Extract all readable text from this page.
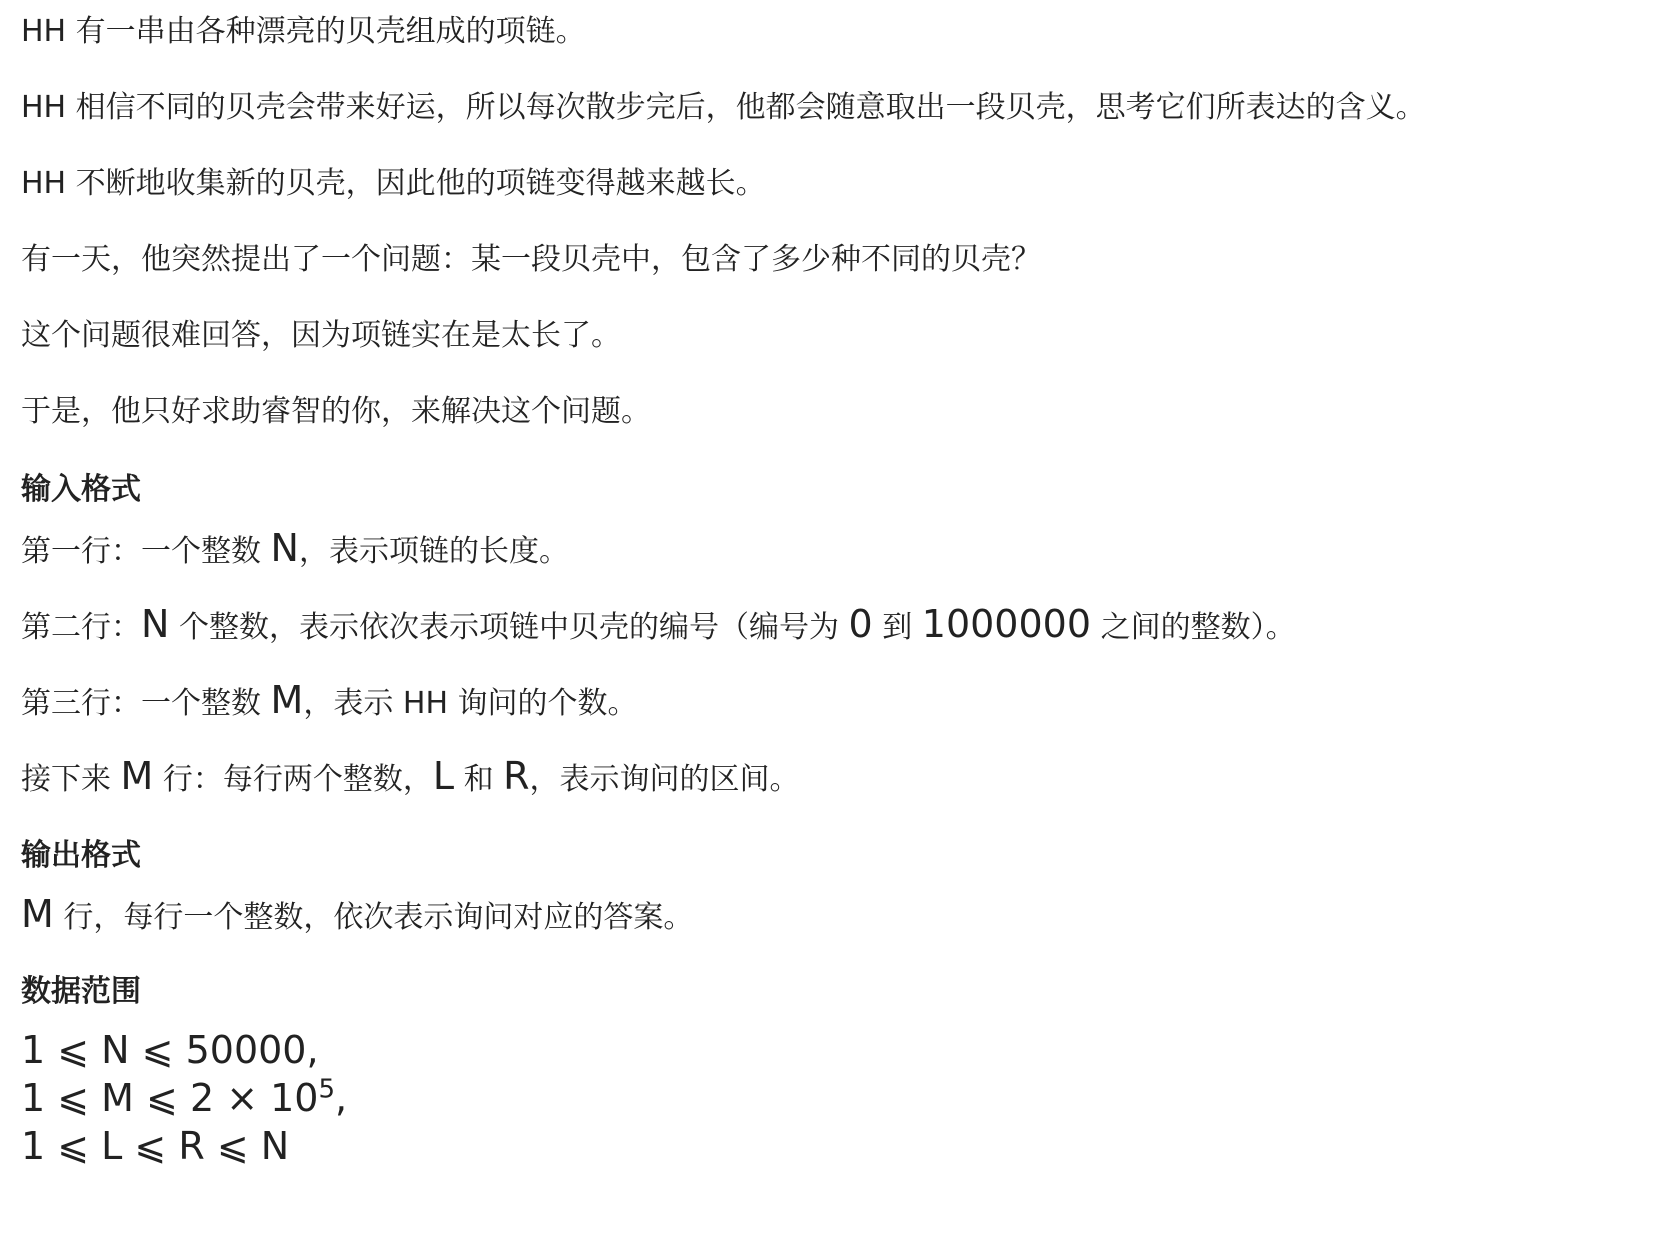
HH 有一串由各种漂亮的贝壳组成的项链。
HH 相信不同的贝壳会带来好运，所以每次散步完后，他都会随意取出一段贝壳，思考它们所表达的含义。
HH 不断地收集新的贝壳，因此他的项链变得越来越长。
有一天，他突然提出了一个问题：某一段贝壳中，包含了多少种不同的贝壳？
这个问题很难回答，因为项链实在是太长了。
于是，他只好求助睿智的你，来解决这个问题。
输入格式
第一行：一个整数 N，表示项链的长度。
第二行：N 个整数，表示依次表示项链中贝壳的编号（编号为 0 到 1000000 之间的整数）。
第三行：一个整数 M，表示 HH 询问的个数。
接下来 M 行：每行两个整数，L 和 R，表示询问的区间。
输出格式
M 行，每行一个整数，依次表示询问对应的答案。
数据范围
1 ⩽ N ⩽ 50000,
1 ⩽ M ⩽ $2 \times 10^5$,
1 ⩽ L ⩽ R ⩽ N
